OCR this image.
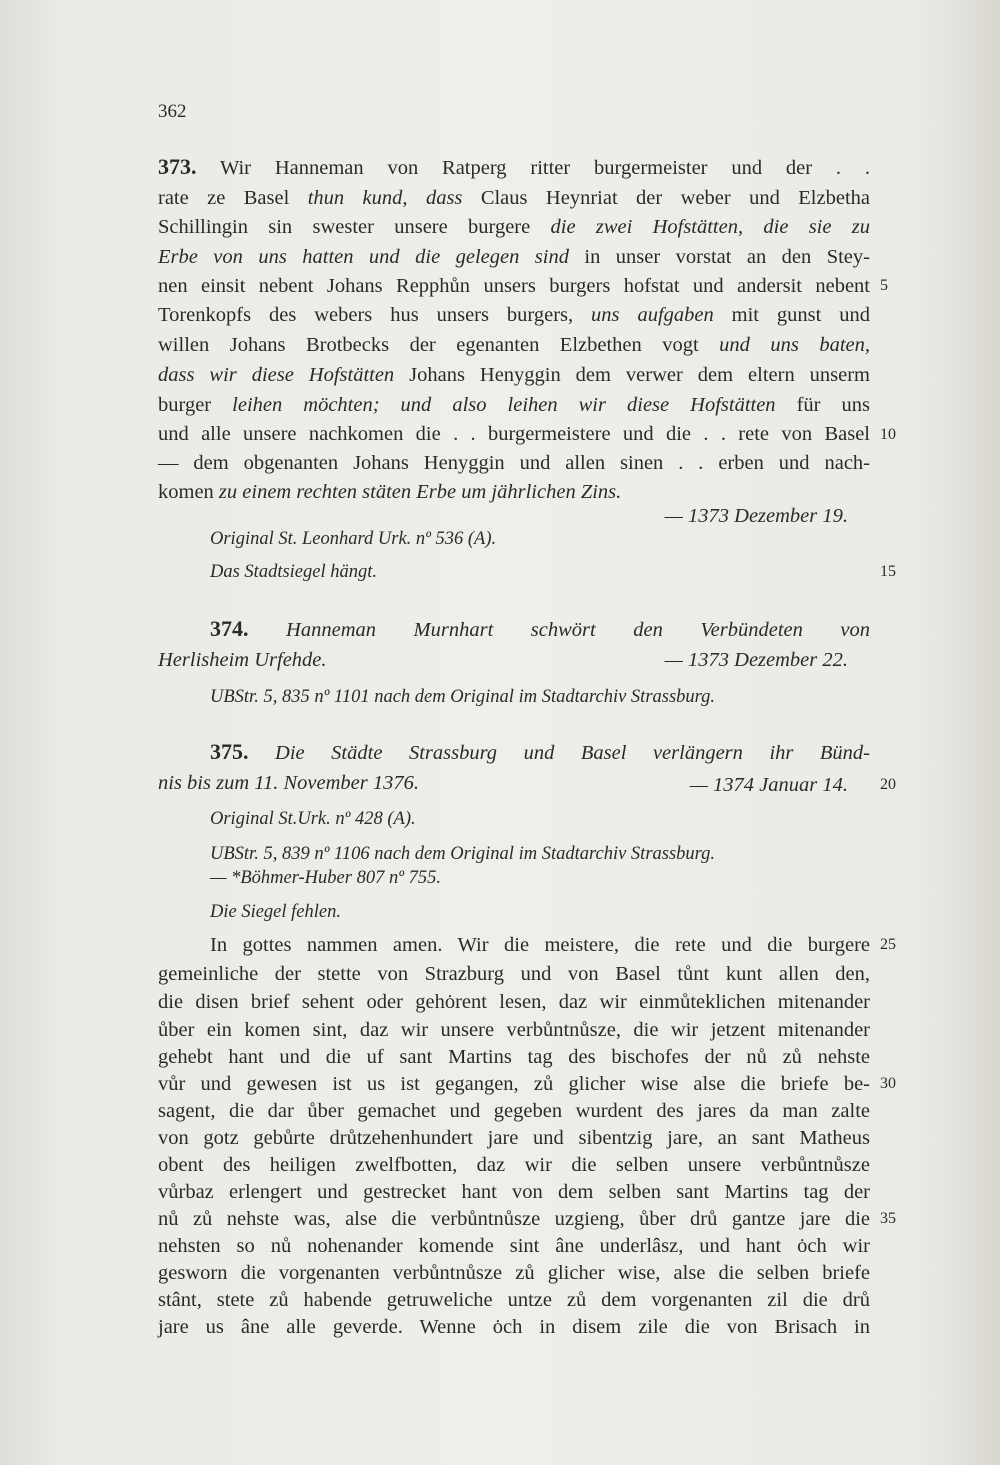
362
373. Wir Hanneman von Ratperg ritter burgermeister und der . .
rate ze Basel thun kund, dass Claus Heynriat der weber und Elzbetha
Schillingin sin swester unsere burgere die zwei Hofstätten, die sie zu
Erbe von uns hatten und die gelegen sind in unser vorstat an den Stey-
nen einsit nebent Johans Repphůn unsers burgers hofstat und andersit nebent
Torenkopfs des webers hus unsers burgers, uns aufgaben mit gunst und
willen Johans Brotbecks der egenanten Elzbethen vogt und uns baten,
dass wir diese Hofstätten Johans Henyggin dem verwer dem eltern unserm
burger leihen möchten; und also leihen wir diese Hofstätten für uns
und alle unsere nachkomen die . . burgermeistere und die . . rete von Basel
— dem obgenanten Johans Henyggin und allen sinen . . erben und nach-
komen zu einem rechten stäten Erbe um jährlichen Zins.
— 1373 Dezember 19.
Original St. Leonhard Urk. nº 536 (A).
Das Stadtsiegel hängt.
374. Hanneman Murnhart schwört den Verbündeten von
Herlisheim Urfehde.	— 1373 Dezember 22.
UBStr. 5, 835 nº 1101 nach dem Original im Stadtarchiv Strassburg.
375. Die Städte Strassburg und Basel verlängern ihr Bünd-
nis bis zum 11. November 1376.	— 1374 Januar 14.
Original St.Urk. nº 428 (A).
UBStr. 5, 839 nº 1106 nach dem Original im Stadtarchiv Strassburg.
— *Böhmer-Huber 807 nº 755.
Die Siegel fehlen.
In gottes nammen amen. Wir die meistere, die rete und die burgere
gemeinliche der stette von Strazburg und von Basel tůnt kunt allen den,
die disen brief sehent oder gehȯrent lesen, daz wir einmůteklichen mitenander
ůber ein komen sint, daz wir unsere verbůntnůsze, die wir jetzent mitenander
gehebt hant und die uf sant Martins tag des bischofes der nů zů nehste
vůr und gewesen ist us ist gegangen, zů glicher wise alse die briefe be-
sagent, die dar ůber gemachet und gegeben wurdent des jares da man zalte
von gotz gebůrte drůtzehenhundert jare und sibentzig jare, an sant Matheus
obent des heiligen zwelfbotten, daz wir die selben unsere verbůntnůsze
vůrbaz erlengert und gestrecket hant von dem selben sant Martins tag der
nů zů nehste was, alse die verbůntnůsze uzgieng, ůber drů gantze jare die
nehsten so nů nohenander komende sint âne underlâsz, und hant ȯch wir
gesworn die vorgenanten verbůntnůsze zů glicher wise, alse die selben briefe
stânt, stete zů habende getruweliche untze zů dem vorgenanten zil die drů
jare us âne alle geverde. Wenne ȯch in disem zile die von Brisach in
5
10
15
20
25
30
35
